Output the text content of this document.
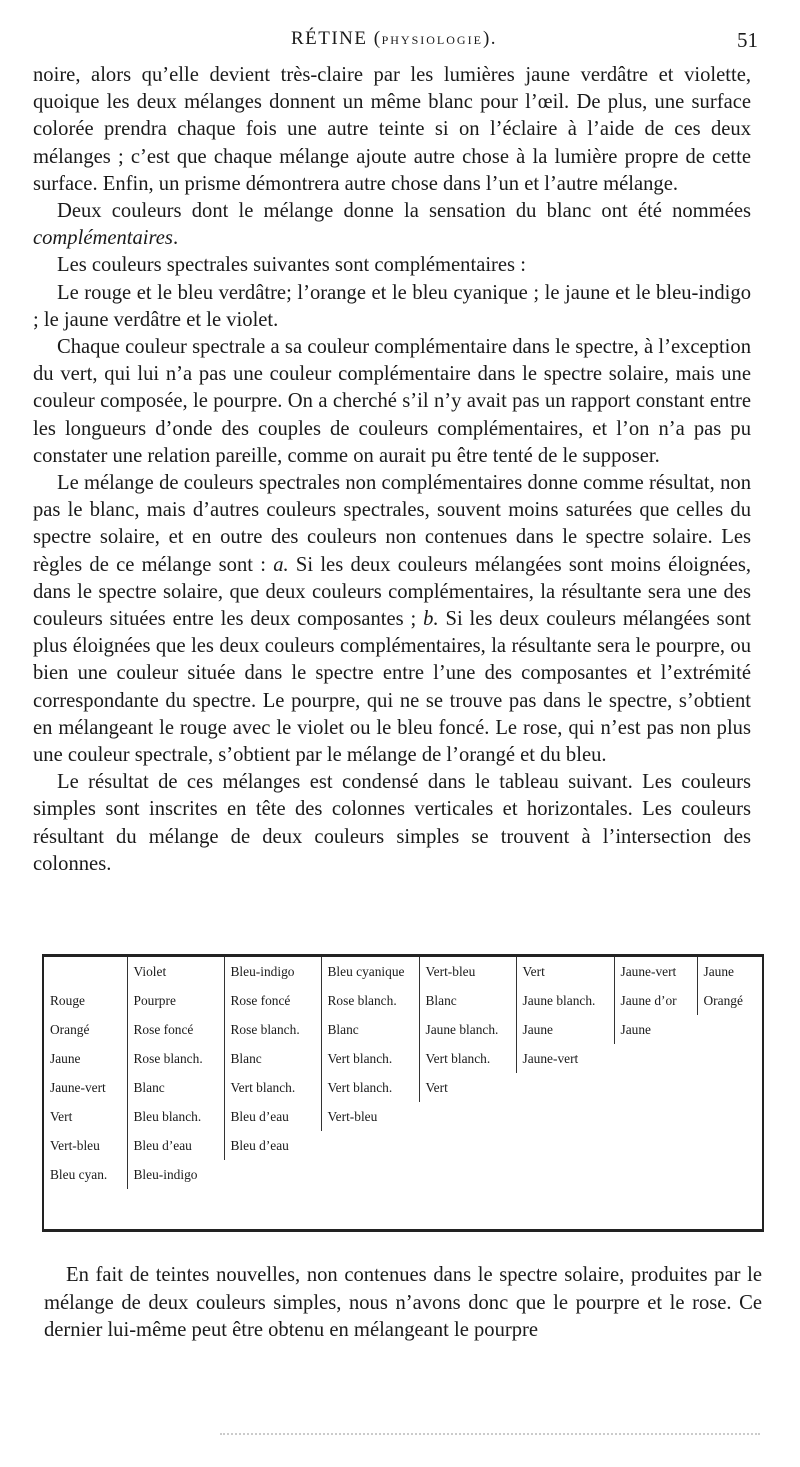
RÉTINE (PHYSIOLOGIE).	51

noire, alors qu’elle devient très-claire par les lumières jaune verdâtre et violette, quoique les deux mélanges donnent un même blanc pour l’œil. De plus, une surface colorée prendra chaque fois une autre teinte si on l’éclaire à l’aide de ces deux mélanges ; c’est que chaque mélange ajoute autre chose à la lumière propre de cette surface. Enfin, un prisme démontrera autre chose dans l’un et l’autre mélange.

Deux couleurs dont le mélange donne la sensation du blanc ont été nommées complémentaires.

Les couleurs spectrales suivantes sont complémentaires :

Le rouge et le bleu verdâtre; l’orange et le bleu cyanique ; le jaune et le bleu-indigo ; le jaune verdâtre et le violet.

Chaque couleur spectrale a sa couleur complémentaire dans le spectre, à l’exception du vert, qui lui n’a pas une couleur complémentaire dans le spectre solaire, mais une couleur composée, le pourpre. On a cherché s’il n’y avait pas un rapport constant entre les longueurs d’onde des couples de couleurs complémentaires, et l’on n’a pas pu constater une relation pareille, comme on aurait pu être tenté de le supposer.

Le mélange de couleurs spectrales non complémentaires donne comme résultat, non pas le blanc, mais d’autres couleurs spectrales, souvent moins saturées que celles du spectre solaire, et en outre des couleurs non contenues dans le spectre solaire. Les règles de ce mélange sont : a. Si les deux couleurs mélangées sont moins éloignées, dans le spectre solaire, que deux couleurs complémentaires, la résultante sera une des couleurs situées entre les deux composantes ; b. Si les deux couleurs mélangées sont plus éloignées que les deux couleurs complémentaires, la résultante sera le pourpre, ou bien une couleur située dans le spectre entre l’une des composantes et l’extrémité correspondante du spectre. Le pourpre, qui ne se trouve pas dans le spectre, s’obtient en mélangeant le rouge avec le violet ou le bleu foncé. Le rose, qui n’est pas non plus une couleur spectrale, s’obtient par le mélange de l’orangé et du bleu.

Le résultat de ces mélanges est condensé dans le tableau suivant. Les couleurs simples sont inscrites en tête des colonnes verticales et horizontales. Les couleurs résultant du mélange de deux couleurs simples se trouvent à l’intersection des colonnes.

	Violet	Bleu-indigo	Bleu cyanique	Vert-bleu	Vert	Jaune-vert	Jaune
Rouge	Pourpre	Rose foncé	Rose blanch.	Blanc	Jaune blanch.	Jaune d’or	Orangé
Orangé	Rose foncé	Rose blanch.	Blanc	Jaune blanch.	Jaune	Jaune	
Jaune	Rose blanch.	Blanc	Vert blanch.	Vert blanch.	Jaune-vert		
Jaune-vert	Blanc	Vert blanch.	Vert blanch.	Vert			
Vert	Bleu blanch.	Bleu d’eau	Vert-bleu				
Vert-bleu	Bleu d’eau	Bleu d’eau					
Bleu cyan.	Bleu-indigo						

En fait de teintes nouvelles, non contenues dans le spectre solaire, produites par le mélange de deux couleurs simples, nous n’avons donc que le pourpre et le rose. Ce dernier lui-même peut être obtenu en mélangeant le pourpre
